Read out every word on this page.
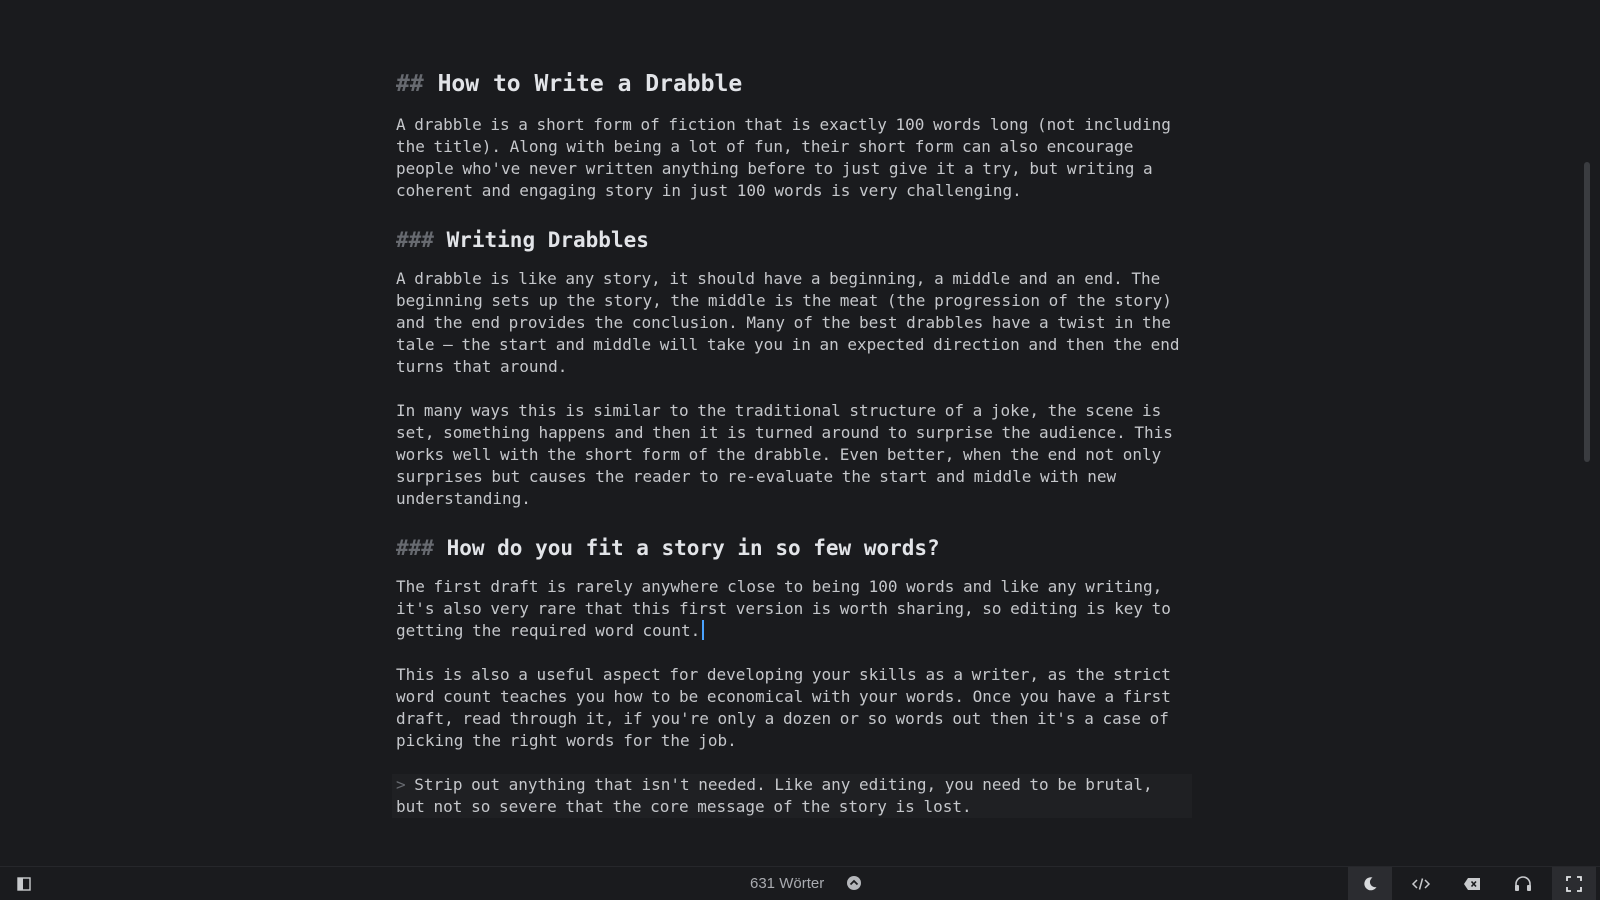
## How to Write a Drabble

A drabble is a short form of fiction that is exactly 100 words long (not including the title). Along with being a lot of fun, their short form can also encourage people who've never written anything before to just give it a try, but writing a coherent and engaging story in just 100 words is very challenging.

### Writing Drabbles

A drabble is like any story, it should have a beginning, a middle and an end. The beginning sets up the story, the middle is the meat (the progression of the story) and the end provides the conclusion. Many of the best drabbles have a twist in the tale — the start and middle will take you in an expected direction and then the end turns that around.

In many ways this is similar to the traditional structure of a joke, the scene is set, something happens and then it is turned around to surprise the audience. This works well with the short form of the drabble. Even better, when the end not only surprises but causes the reader to re-evaluate the start and middle with new understanding.

### How do you fit a story in so few words?

The first draft is rarely anywhere close to being 100 words and like any writing, it's also very rare that this first version is worth sharing, so editing is key to getting the required word count.

This is also a useful aspect for developing your skills as a writer, as the strict word count teaches you how to be economical with your words. Once you have a first draft, read through it, if you're only a dozen or so words out then it's a case of picking the right words for the job.

> Strip out anything that isn't needed. Like any editing, you need to be brutal, but not so severe that the core message of the story is lost.
631 Wörter
